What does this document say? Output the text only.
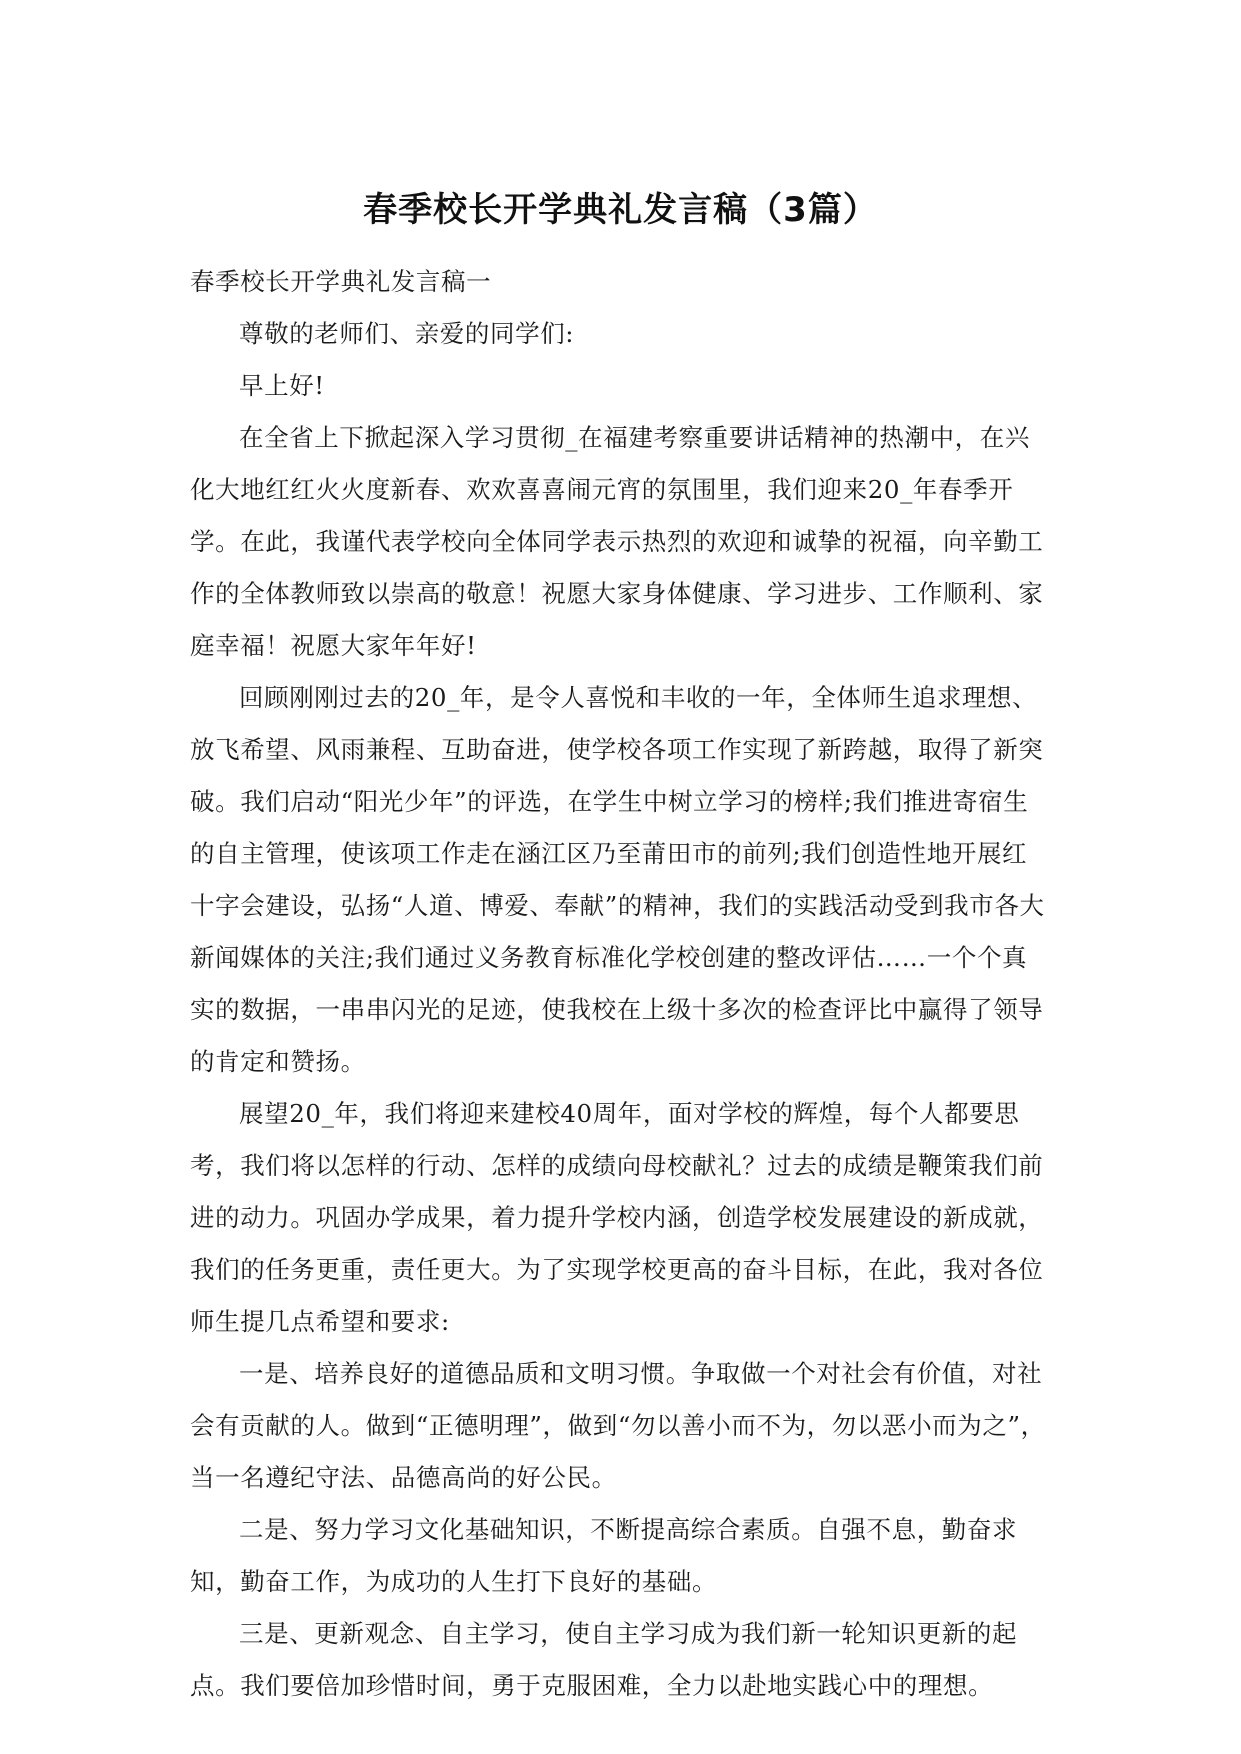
春季校长开学典礼发言稿（3篇）

春季校长开学典礼发言稿一

尊敬的老师们、亲爱的同学们:

早上好!

在全省上下掀起深入学习贯彻_在福建考察重要讲话精神的热潮中，在兴化大地红红火火度新春、欢欢喜喜闹元宵的氛围里，我们迎来20_年春季开学。在此，我谨代表学校向全体同学表示热烈的欢迎和诚挚的祝福，向辛勤工作的全体教师致以崇高的敬意！祝愿大家身体健康、学习进步、工作顺利、家庭幸福！祝愿大家年年好!

回顾刚刚过去的20_年，是令人喜悦和丰收的一年，全体师生追求理想、放飞希望、风雨兼程、互助奋进，使学校各项工作实现了新跨越，取得了新突破。我们启动“阳光少年”的评选，在学生中树立学习的榜样;我们推进寄宿生的自主管理，使该项工作走在涵江区乃至莆田市的前列;我们创造性地开展红十字会建设，弘扬“人道、博爱、奉献”的精神，我们的实践活动受到我市各大新闻媒体的关注;我们通过义务教育标准化学校创建的整改评估……一个个真实的数据，一串串闪光的足迹，使我校在上级十多次的检查评比中赢得了领导的肯定和赞扬。

展望20_年，我们将迎来建校40周年，面对学校的辉煌，每个人都要思考，我们将以怎样的行动、怎样的成绩向母校献礼？过去的成绩是鞭策我们前进的动力。巩固办学成果，着力提升学校内涵，创造学校发展建设的新成就，我们的任务更重，责任更大。为了实现学校更高的奋斗目标，在此，我对各位师生提几点希望和要求:

一是、培养良好的道德品质和文明习惯。争取做一个对社会有价值，对社会有贡献的人。做到“正德明理”，做到“勿以善小而不为，勿以恶小而为之”，当一名遵纪守法、品德高尚的好公民。

二是、努力学习文化基础知识，不断提高综合素质。自强不息，勤奋求知，勤奋工作，为成功的人生打下良好的基础。

三是、更新观念、自主学习，使自主学习成为我们新一轮知识更新的起点。我们要倍加珍惜时间，勇于克服困难，全力以赴地实践心中的理想。
